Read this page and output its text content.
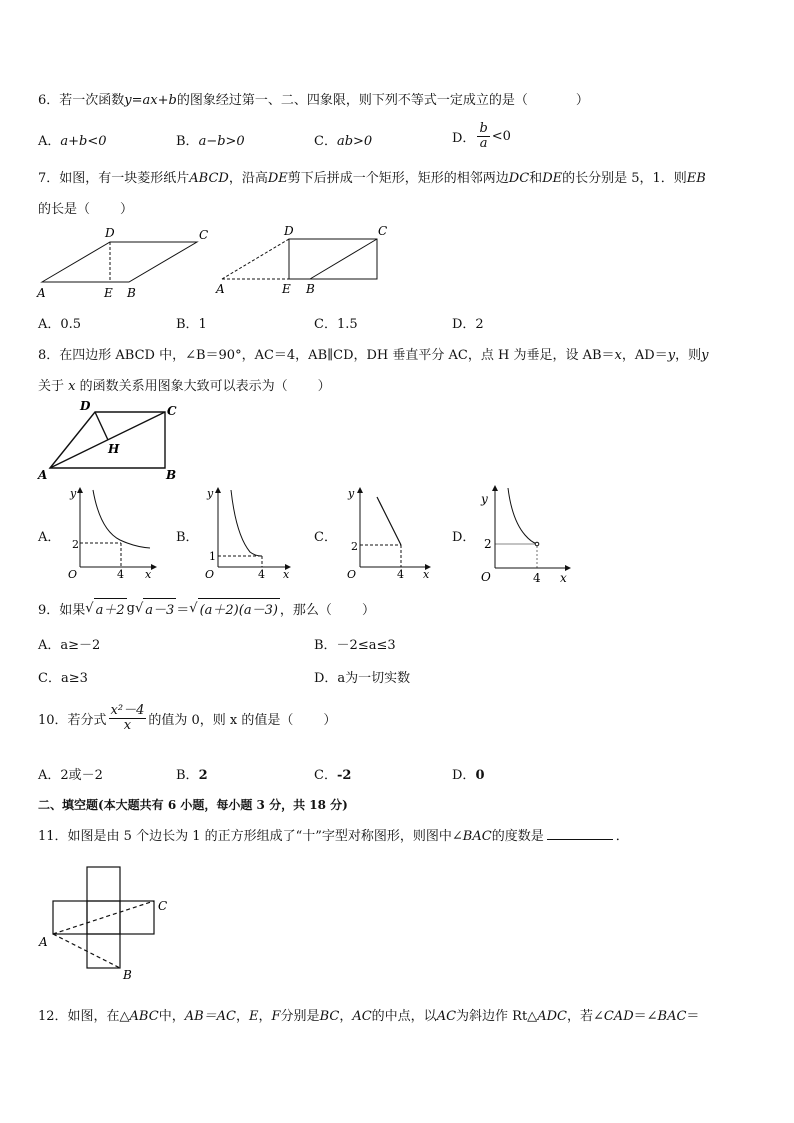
6．若一次函数y=ax+b的图象经过第一、二、四象限，则下列不等式一定成立的是（	）
A．a+b<0	B．a−b>0	C．ab>0	D． $\frac{b}{a} <0$
7．如图，有一块菱形纸片ABCD，沿高DE剪下后拼成一个矩形，矩形的相邻两边DC和DE的长分别是 5，1．则EB
的长是（ ）
D	C
A	E B
D	C
A	E B
A．0.5	B．1	C．1.5	D．2
8．在四边形 ABCD 中，∠B＝90°，AC＝4，AB∥CD，DH 垂直平分 AC，点 H 为垂足，设 AB＝x，AD＝y，则y
关于 x 的函数关系用图象大致可以表示为（ ）
D	C
H
A	B
A．	B．	C．	D．
y
2
O	4 x
y
1
O	4 x
y
2
O	4 x
y
2
O	4 x
9．如果 √ a＋2 g √ a－3 ＝ √ (a＋2)(a－3) ，那么（ ）
A．a≥－2	B．－2≤a≤3
C．a≥3	D．a为一切实数
10．若分式 $\frac{\text{x²－4}}{x}$ 的值为 0，则 x 的值是（ ）
A．2或－2	B．2	C．-2	D．0
二、填空题(本大题共有 6 小题，每小题 3 分，共 18 分)
11．如图是由 5 个边长为 1 的正方形组成了“十”字型对称图形，则图中∠BAC的度数是	．
C
A
B
12．如图，在△ABC中，AB＝AC，E，F分别是BC，AC的中点，以AC为斜边作 Rt△ADC，若∠CAD＝∠BAC＝
